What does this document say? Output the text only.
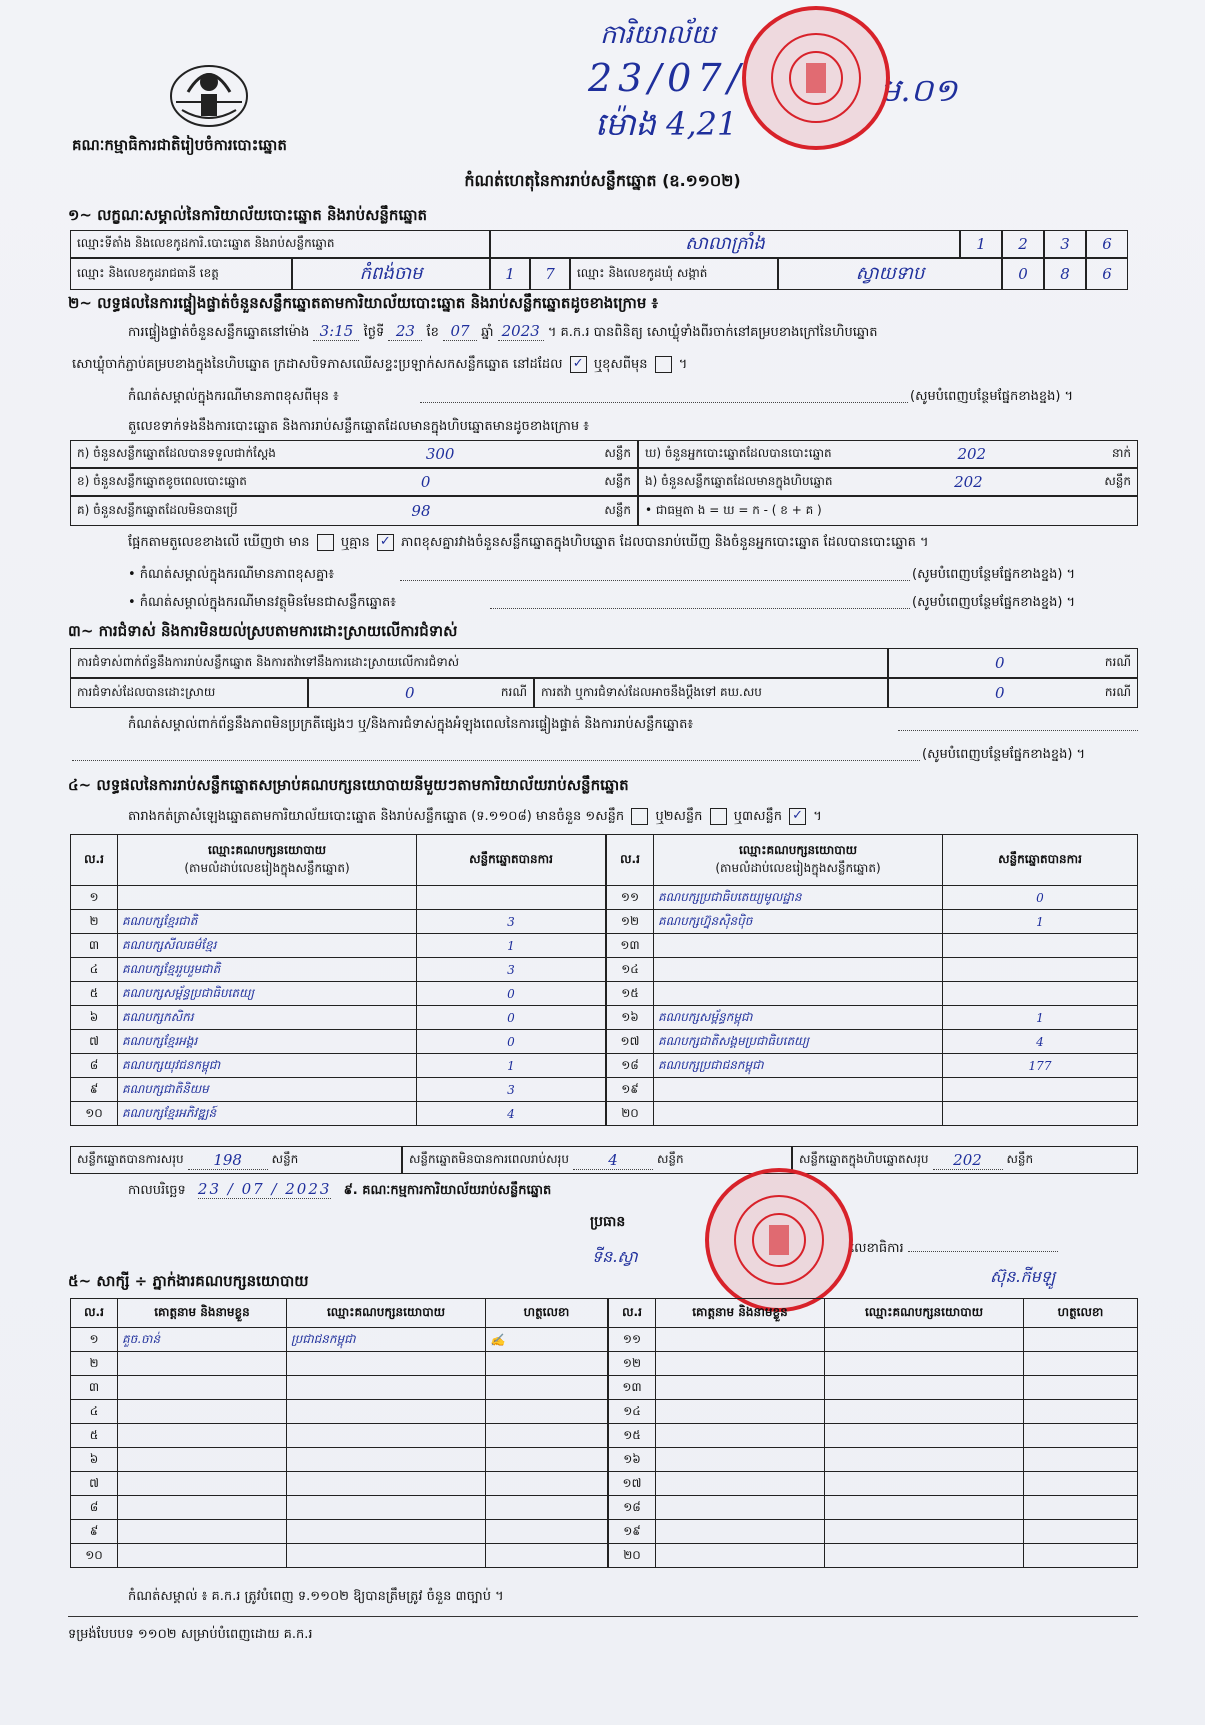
គណៈកម្មាធិការជាតិរៀបចំការបោះឆ្នោត
ការិយាល័យ
23/07/
ម៉ោង 4,21
ម.០១
កំណត់ហេតុនៃការរាប់សន្លឹកឆ្នោត (ឧ.១១០២)
១~ លក្ខណៈសម្គាល់នៃការិយាល័យបោះឆ្នោត និងរាប់សន្លឹកឆ្នោត
ឈ្មោះទីតាំង និងលេខកូដការិ.បោះឆ្នោត និងរាប់សន្លឹកឆ្នោត	សាលាក្រាំង	1	2	3	6
ឈ្មោះ និងលេខកូដរាជធានី ខេត្ត	កំពង់ចាម	1	7	ឈ្មោះ និងលេខកូដឃុំ សង្កាត់	ស្វាយទាប	0	8	6
២~ លទ្ធផលនៃការផ្ទៀងផ្ទាត់ចំនួនសន្លឹកឆ្នោតតាមការិយាល័យបោះឆ្នោត និងរាប់សន្លឹកឆ្នោតដូចខាងក្រោម ៖
ការផ្ទៀងផ្ទាត់ចំនួនសន្លឹកឆ្នោតនៅម៉ោង 3:15 ថ្ងៃទី 23 ខែ 07 ឆ្នាំ 2023 ។ គ.ក.រ បានពិនិត្យ សោឃ្លុំទាំងពីរចាក់នៅគម្របខាងក្រៅនៃហិបឆ្នោត
សោឃ្លុំចាក់ភ្ជាប់គម្របខាងក្នុងនៃហិបឆ្នោត ក្រដាសបិទភាសឈើសខ្ទះប្រឡាក់សកសន្លឹកឆ្នោត នៅដដែល ✓ ឬខុសពីមុន ។
កំណត់សម្គាល់ក្នុងករណីមានភាពខុសពីមុន ៖	(សូមបំពេញបន្ថែមផ្នែកខាងខ្នង) ។
តួលេខទាក់ទងនឹងការបោះឆ្នោត និងការរាប់សន្លឹកឆ្នោតដែលមានក្នុងហិបឆ្នោតមានដូចខាងក្រោម ៖
ក) ចំនួនសន្លឹកឆ្នោតដែលបានទទួលជាក់ស្តែង	300	សន្លឹក ឃ) ចំនួនអ្នកបោះឆ្នោតដែលបានបោះឆ្នោត	202	នាក់
ខ) ចំនួនសន្លឹកឆ្នោតខូចពេលបោះឆ្នោត	0	សន្លឹក ង) ចំនួនសន្លឹកឆ្នោតដែលមានក្នុងហិបឆ្នោត	202	សន្លឹក
គ) ចំនួនសន្លឹកឆ្នោតដែលមិនបានប្រើ	98	សន្លឹក • ជាធម្មតា ង = ឃ = ក - ( ខ + គ )
ផ្អែកតាមតួលេខខាងលើ ឃើញថា មាន ឬគ្មាន ✓ ភាពខុសគ្នារវាងចំនួនសន្លឹកឆ្នោតក្នុងហិបឆ្នោត ដែលបានរាប់ឃើញ និងចំនួនអ្នកបោះឆ្នោត ដែលបានបោះឆ្នោត ។
• កំណត់សម្គាល់ក្នុងករណីមានភាពខុសគ្នា៖	(សូមបំពេញបន្ថែមផ្នែកខាងខ្នង) ។
• កំណត់សម្គាល់ក្នុងករណីមានវត្ថុមិនមែនជាសន្លឹកឆ្នោត៖	(សូមបំពេញបន្ថែមផ្នែកខាងខ្នង) ។
៣~ ការជំទាស់ និងការមិនយល់ស្របតាមការដោះស្រាយលើការជំទាស់
ការជំទាស់ពាក់ព័ន្ធនឹងការរាប់សន្លឹកឆ្នោត និងការតវ៉ាទៅនឹងការដោះស្រាយលើការជំទាស់	0	ករណី
ការជំទាស់ដែលបានដោះស្រាយ	0	ករណី	ការតវ៉ា ឬការជំទាស់ដែលអាចនឹងប្តឹងទៅ គឃ.សប	0	ករណី
កំណត់សម្គាល់ពាក់ព័ន្ធនឹងភាពមិនប្រក្រតីផ្សេងៗ ឬ/និងការជំទាស់ក្នុងអំឡុងពេលនៃការផ្ទៀងផ្ទាត់ និងការរាប់សន្លឹកឆ្នោត៖
(សូមបំពេញបន្ថែមផ្នែកខាងខ្នង) ។
៤~ លទ្ធផលនៃការរាប់សន្លឹកឆ្នោតសម្រាប់គណបក្សនយោបាយនីមួយៗតាមការិយាល័យរាប់សន្លឹកឆ្នោត
តារាងកត់ត្រាសំឡេងឆ្នោតតាមការិយាល័យបោះឆ្នោត និងរាប់សន្លឹកឆ្នោត (ទ.១១០៨) មានចំនួន ១សន្លឹក ឬ២សន្លឹក ឬ៣សន្លឹក ✓ ។
ល.រ	ឈ្មោះគណបក្សនយោបាយ
(តាមលំដាប់លេខរៀងក្នុងសន្លឹកឆ្នោត)	សន្លឹកឆ្នោតបានការ
១		
២	គណបក្សខ្មែរជាតិ	3
៣	គណបក្សសីលធម៌ខ្មែរ	1
៤	គណបក្សខ្មែររួបរួមជាតិ	3
៥	គណបក្សសម្ព័ន្ធប្រជាធិបតេយ្យ	0
៦	គណបក្សកសិករ	0
៧	គណបក្សខ្មែរអង្គរ	0
៨	គណបក្សយុវជនកម្ពុជា	1
៩	គណបក្សជាតិនិយម	3
១០	គណបក្សខ្មែរអភិវឌ្ឍន៍	4
ល.រ	ឈ្មោះគណបក្សនយោបាយ
(តាមលំដាប់លេខរៀងក្នុងសន្លឹកឆ្នោត)	សន្លឹកឆ្នោតបានការ
១១	គណបក្សប្រជាធិបតេយ្យមូលដ្ឋាន	0
១២	គណបក្សហ្វ៊ុនស៊ិនប៉ិច	1
១៣		
១៤		
១៥		
១៦	គណបក្សសម្ព័ន្ធកម្ពុជា	1
១៧	គណបក្សជាតិសង្គមប្រជាធិបតេយ្យ	4
១៨	គណបក្សប្រជាជនកម្ពុជា	177
១៩		
២០		
សន្លឹកឆ្នោតបានការសរុប	198	សន្លឹក	សន្លឹកឆ្នោតមិនបានការពេលរាប់សរុប	4	សន្លឹក	សន្លឹកឆ្នោតក្នុងហិបឆ្នោតសរុប	202	សន្លឹក
កាលបរិច្ឆេទ 23 / 07 / 2023 ៩. គណៈកម្មការការិយាល័យរាប់សន្លឹកឆ្នោត
ប្រធាន
ទីន.ស្វា	លេខាធិការ
ស៊ុន.កីមឡូ
៥~ សាក្សី ÷ ភ្នាក់ងារគណបក្សនយោបាយ
ល.រ	គោត្តនាម និងនាមខ្លួន	ឈ្មោះគណបក្សនយោបាយ	ហត្ថលេខា
១	គួច.ចាន់	ប្រជាជនកម្ពុជា	✍
២			
៣			
៤			
៥			
៦			
៧			
៨			
៩			
១០			
ល.រ	គោត្តនាម និងនាមខ្លួន	ឈ្មោះគណបក្សនយោបាយ	ហត្ថលេខា
១១			
១២			
១៣			
១៤			
១៥			
១៦			
១៧			
១៨			
១៩			
២០			
កំណត់សម្គាល់ ៖ គ.ក.រ ត្រូវបំពេញ ទ.១១០២ ឱ្យបានត្រឹមត្រូវ ចំនួន ៣ច្បាប់ ។
ទម្រង់បែបបទ ១១០២ សម្រាប់បំពេញដោយ គ.ក.រ
